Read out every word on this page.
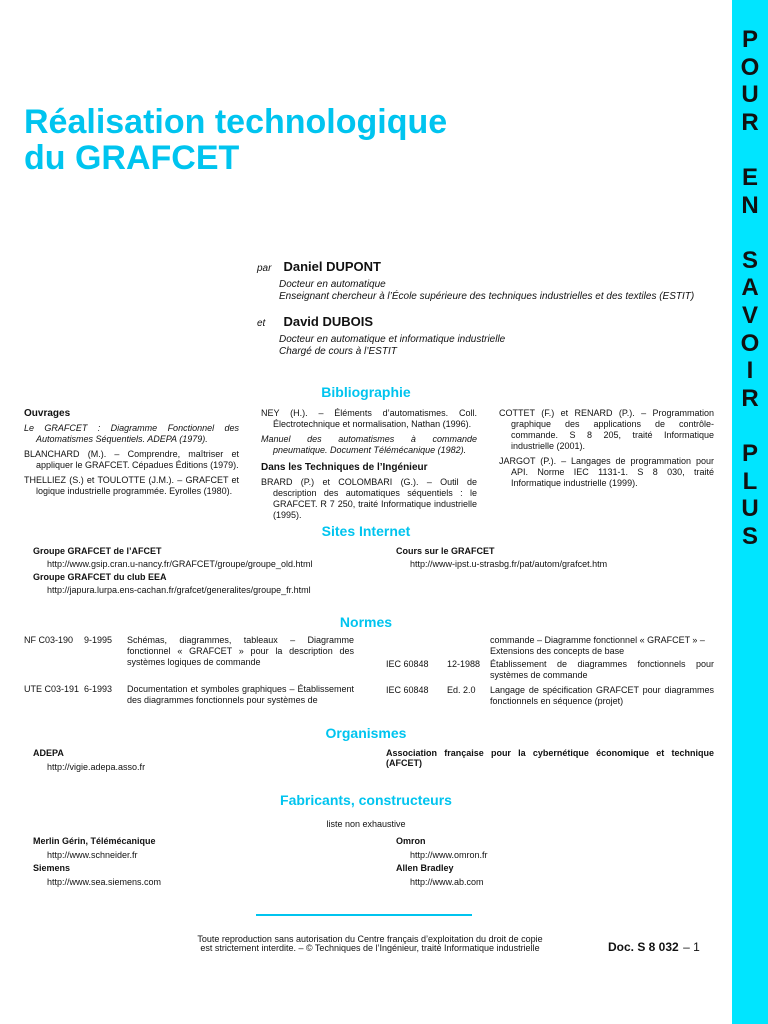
P
O
U
R
E
N
S
A
V
O
I
R
P
L
U
S
Réalisation technologique
du GRAFCET
par Daniel DUPONT
Docteur en automatique
Enseignant chercheur à l’École supérieure des techniques industrielles et des textiles (ESTIT)
et David DUBOIS
Docteur en automatique et informatique industrielle
Chargé de cours à l’ESTIT
Bibliographie
Ouvrages
Le GRAFCET : Diagramme Fonctionnel des Automatismes Séquentiels. ADEPA (1979).
BLANCHARD (M.). – Comprendre, maîtriser et appliquer le GRAFCET. Cépadues Éditions (1979).
THELLIEZ (S.) et TOULOTTE (J.M.). – GRAFCET et logique industrielle programmée. Eyrolles (1980).
NEY (H.). – Éléments d’automatismes. Coll. Électrotechnique et normalisation, Nathan (1996).
Manuel des automatismes à commande pneumatique. Document Télémécanique (1982).
Dans les Techniques de l’Ingénieur
BRARD (P.) et COLOMBARI (G.). – Outil de description des automatiques séquentiels : le GRAFCET. R 7 250, traité Informatique industrielle (1995).
COTTET (F.) et RENARD (P.). – Programmation graphique des applications de contrôle-commande. S 8 205, traité Informatique industrielle (2001).
JARGOT (P.). – Langages de programmation pour API. Norme IEC 1131-1. S 8 030, traité Informatique industrielle (1999).
Sites Internet
Groupe GRAFCET de l’AFCET
http://www.gsip.cran.u-nancy.fr/GRAFCET/groupe/groupe_old.html
Groupe GRAFCET du club EEA
http://japura.lurpa.ens-cachan.fr/grafcet/generalites/groupe_fr.html
Cours sur le GRAFCET
http://www-ipst.u-strasbg.fr/pat/autom/grafcet.htm
Normes
NF C03-190 9-1995 Schémas, diagrammes, tableaux – Diagramme fonctionnel « GRAFCET » pour la description des systèmes logiques de commande
UTE C03-191 6-1993 Documentation et symboles graphiques – Établissement des diagrammes fonctionnels pour systèmes de
commande – Diagramme fonctionnel « GRAFCET » – Extensions des concepts de base
IEC 60848 12-1988 Établissement de diagrammes fonctionnels pour systèmes de commande
IEC 60848 Ed. 2.0 Langage de spécification GRAFCET pour diagrammes fonctionnels en séquence (projet)
Organismes
ADEPA
http://vigie.adepa.asso.fr
Association française pour la cybernétique économique et technique (AFCET)
Fabricants, constructeurs
liste non exhaustive
Merlin Gérin, Télémécanique
http://www.schneider.fr
Siemens
http://www.sea.siemens.com
Omron
http://www.omron.fr
Allen Bradley
http://www.ab.com
Toute reproduction sans autorisation du Centre français d’exploitation du droit de copie
est strictement interdite. – © Techniques de l’Ingénieur, traité Informatique industrielle	Doc. S 8 032 – 1
